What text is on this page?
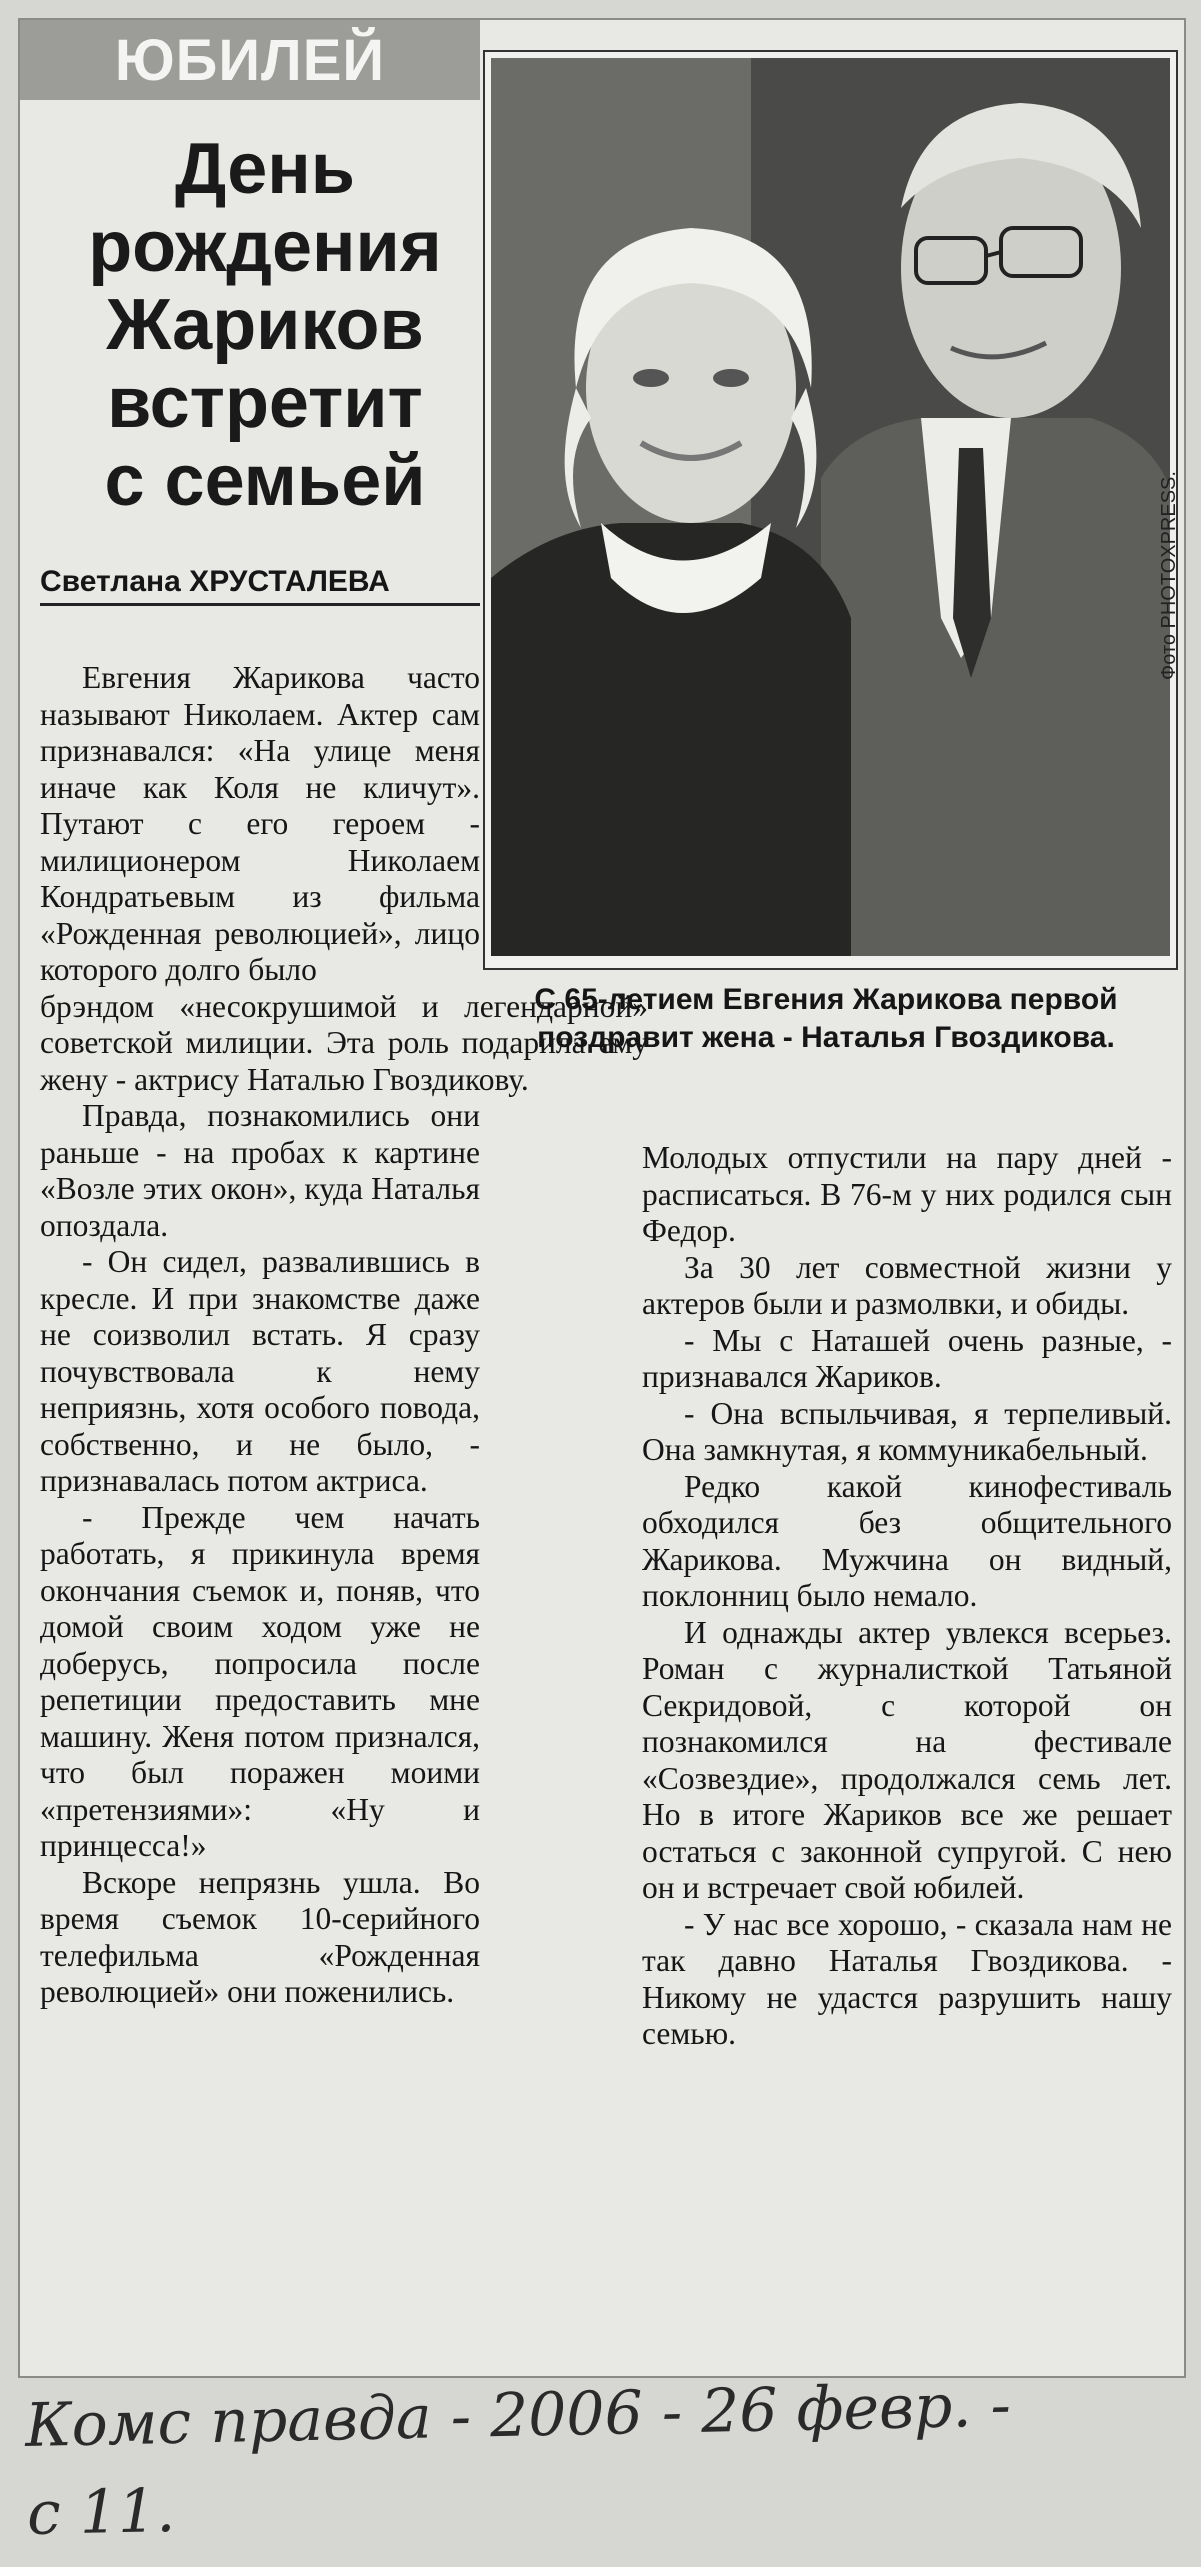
ЮБИЛЕЙ
День
рождения
Жариков
встретит
с семьей
Светлана ХРУСТАЛЕВА	Фото PHOTOXPRESS.
С 65-летием Евгения Жарикова первой поздравит жена - Наталья Гвоздикова.

Евгения Жарикова часто называют Николаем. Актер сам признавался: «На улице меня иначе как Коля не кличут». Путают с его героем - милиционером Николаем Кондратьевым из фильма «Рожденная революцией», лицо которого долго было

брэндом «несокрушимой и легендарной» советской милиции. Эта роль подарила ему жену - актрису Наталью Гвоздикову.

Правда, познакомились они раньше - на пробах к картине «Возле этих окон», куда Наталья опоздала.

- Он сидел, развалившись в кресле. И при знакомстве даже не соизволил встать. Я сразу почувствовала к нему неприязнь, хотя особого повода, собственно, и не было, - признавалась потом актриса.

- Прежде чем начать работать, я прикинула время окончания съемок и, поняв, что домой своим ходом уже не доберусь, попросила после репетиции предоставить мне машину. Женя потом признался, что был поражен моими «претензиями»: «Ну и принцесса!»

Вскоре непрязнь ушла. Во время съемок 10-серийного телефильма «Рожденная революцией» они поженились.

Молодых отпустили на пару дней - расписаться. В 76-м у них родился сын Федор.

За 30 лет совместной жизни у актеров были и размолвки, и обиды.

- Мы с Наташей очень разные, - признавался Жариков.

- Она вспыльчивая, я терпеливый. Она замкнутая, я коммуникабельный.

Редко какой кинофестиваль обходился без общительного Жарикова. Мужчина он видный, поклонниц было немало.

И однажды актер увлекся всерьез. Роман с журналисткой Татьяной Секридовой, с которой он познакомился на фестивале «Созвездие», продолжался семь лет. Но в итоге Жариков все же решает остаться с законной супругой. С нею он и встречает свой юбилей.

- У нас все хорошо, - сказала нам не так давно Наталья Гвоздикова. - Никому не удастся разрушить нашу семью.

Комс правда - 2006 - 26 февр. -
с 11.
